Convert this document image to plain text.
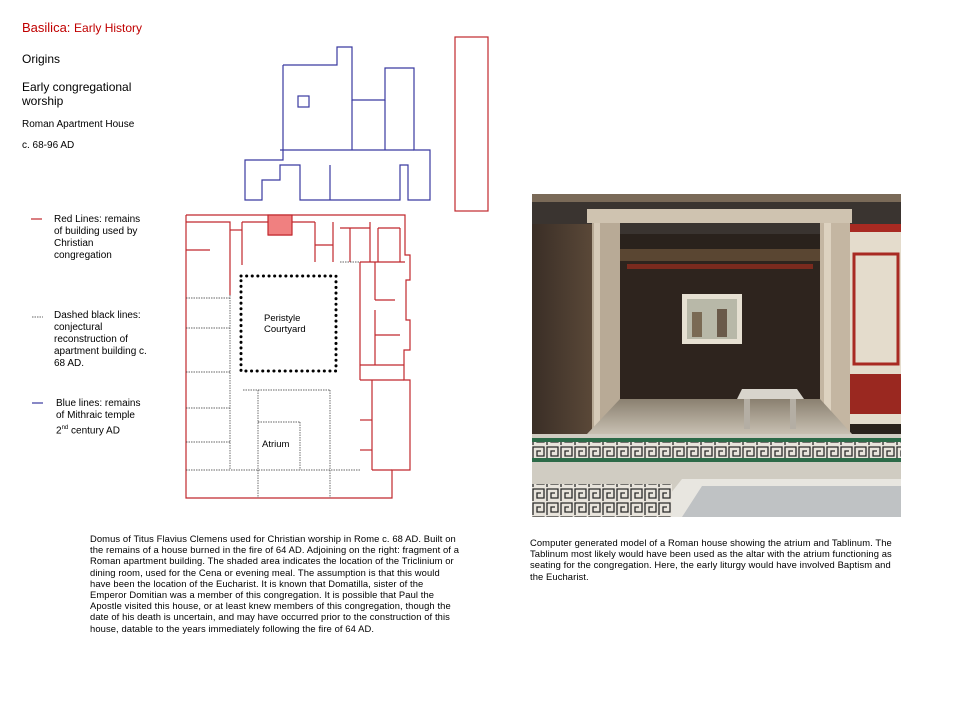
Basilica: Early History
Origins
Early congregational worship
Roman Apartment House
c. 68-96 AD
Peristyle Courtyard
Atrium
Red Lines: remains of building used by Christian congregation
Dashed black lines: conjectural reconstruction of apartment building c. 68 AD.
Blue lines: remains of Mithraic temple
2nd century AD
Domus of Titus Flavius Clemens used for Christian worship in Rome c. 68 AD. Built on the remains of a house burned in the fire of 64 AD. Adjoining on the right: fragment of a Roman apartment building. The shaded area indicates the location of the Triclinium or dining room, used for the Cena or evening meal. The assumption is that this would have been the location of the Eucharist. It is known that Domatilla, sister of the Emperor Domitian was a member of this congregation. It is possible that Paul the Apostle visited this house, or at least knew members of this congregation, though the date of his death is uncertain, and may have occurred prior to the construction of this house, datable to the years immediately following the fire of 64 AD.
Computer generated model of a Roman house showing the atrium and Tablinum. The Tablinum most likely would have been used as the altar with the atrium functioning as seating for the congregation. Here, the early liturgy would have involved Baptism and the Eucharist.
